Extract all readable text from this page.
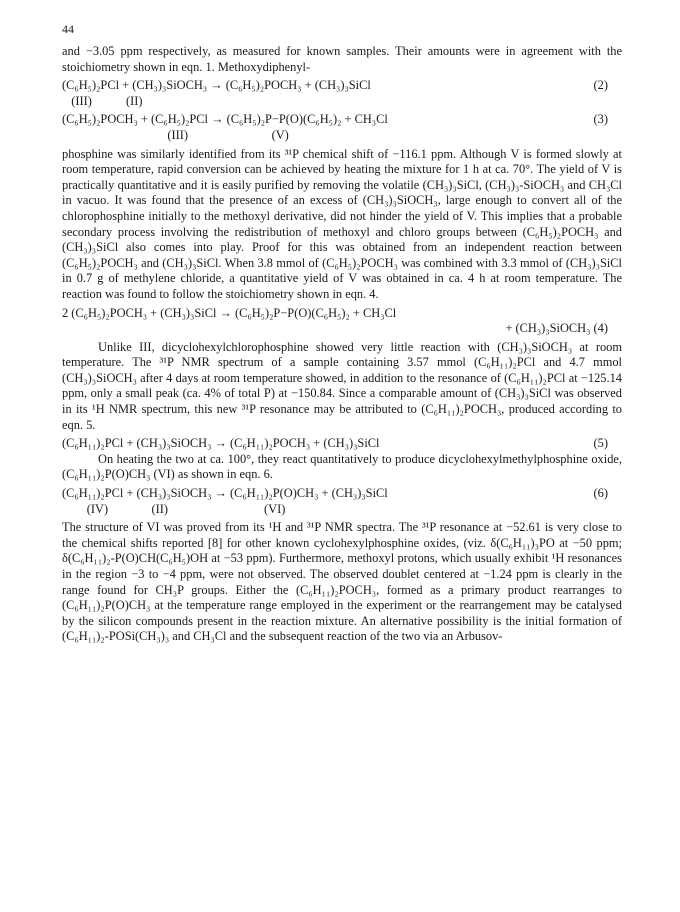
44

and −3.05 ppm respectively, as measured for known samples. Their amounts were in agreement with the stoichiometry shown in eqn. 1. Methoxydiphenyl-

(C₆H₅)₂PCl + (CH₃)₃SiOCH₃ → (C₆H₅)₂POCH₃ + (CH₃)₃SiCl	(2)
(III)           (II)
(C₆H₅)₂POCH₃ + (C₆H₅)₂PCl → (C₆H₅)₂P−P(O)(C₆H₅)₂ + CH₃Cl	(3)
(III)                           (V)

phosphine was similarly identified from its ³¹P chemical shift of −116.1 ppm. Although V is formed slowly at room temperature, rapid conversion can be achieved by heating the mixture for 1 h at ca. 70°. The yield of V is practically quantitative and it is easily purified by removing the volatile (CH₃)₃SiCl, (CH₃)₃-SiOCH₃ and CH₃Cl in vacuo. It was found that the presence of an excess of (CH₃)₃SiOCH₃, large enough to convert all of the chlorophosphine initially to the methoxyl derivative, did not hinder the yield of V. This implies that a probable secondary process involving the redistribution of methoxyl and chloro groups between (C₆H₅)₂POCH₃ and (CH₃)₃SiCl also comes into play. Proof for this was obtained from an independent reaction between (C₆H₅)₂POCH₃ and (CH₃)₃SiCl. When 3.8 mmol of (C₆H₅)₂POCH₃ was combined with 3.3 mmol of (CH₃)₃SiCl in 0.7 g of methylene chloride, a quantitative yield of V was obtained in ca. 4 h at room temperature. The reaction was found to follow the stoichiometry shown in eqn. 4.

2 (C₆H₅)₂POCH₃ + (CH₃)₃SiCl → (C₆H₅)₂P−P(O)(C₆H₅)₂ + CH₃Cl
+ (CH₃)₃SiOCH₃ (4)

Unlike III, dicyclohexylchlorophosphine showed very little reaction with (CH₃)₃SiOCH₃ at room temperature. The ³¹P NMR spectrum of a sample containing 3.57 mmol (C₆H₁₁)₂PCl and 4.7 mmol (CH₃)₃SiOCH₃ after 4 days at room temperature showed, in addition to the resonance of (C₆H₁₁)₂PCl at −125.14 ppm, only a small peak (ca. 4% of total P) at −150.84. Since a comparable amount of (CH₃)₃SiCl was observed in its ¹H NMR spectrum, this new ³¹P resonance may be attributed to (C₆H₁₁)₂POCH₃, produced according to eqn. 5.

(C₆H₁₁)₂PCl + (CH₃)₃SiOCH₃ → (C₆H₁₁)₂POCH₃ + (CH₃)₃SiCl	(5)

On heating the two at ca. 100°, they react quantitatively to produce dicyclohexylmethylphosphine oxide, (C₆H₁₁)₂P(O)CH₃ (VI) as shown in eqn. 6.

(C₆H₁₁)₂PCl + (CH₃)₃SiOCH₃ → (C₆H₁₁)₂P(O)CH₃ + (CH₃)₃SiCl	(6)
(IV)              (II)                               (VI)

The structure of VI was proved from its ¹H and ³¹P NMR spectra. The ³¹P resonance at −52.61 is very close to the chemical shifts reported [8] for other known cyclohexylphosphine oxides, (viz. δ(C₆H₁₁)₃PO at −50 ppm; δ(C₆H₁₁)₂-P(O)CH(C₆H₅)OH at −53 ppm). Furthermore, methoxyl protons, which usually exhibit ¹H resonances in the region −3 to −4 ppm, were not observed. The observed doublet centered at −1.24 ppm is clearly in the range found for CH₃P groups. Either the (C₆H₁₁)₂POCH₃, formed as a primary product rearranges to (C₆H₁₁)₂P(O)CH₃ at the temperature range employed in the experiment or the rearrangement may be catalysed by the silicon compounds present in the reaction mixture. An alternative possibility is the initial formation of (C₆H₁₁)₂-POSi(CH₃)₃ and CH₃Cl and the subsequent reaction of the two via an Arbusov-
